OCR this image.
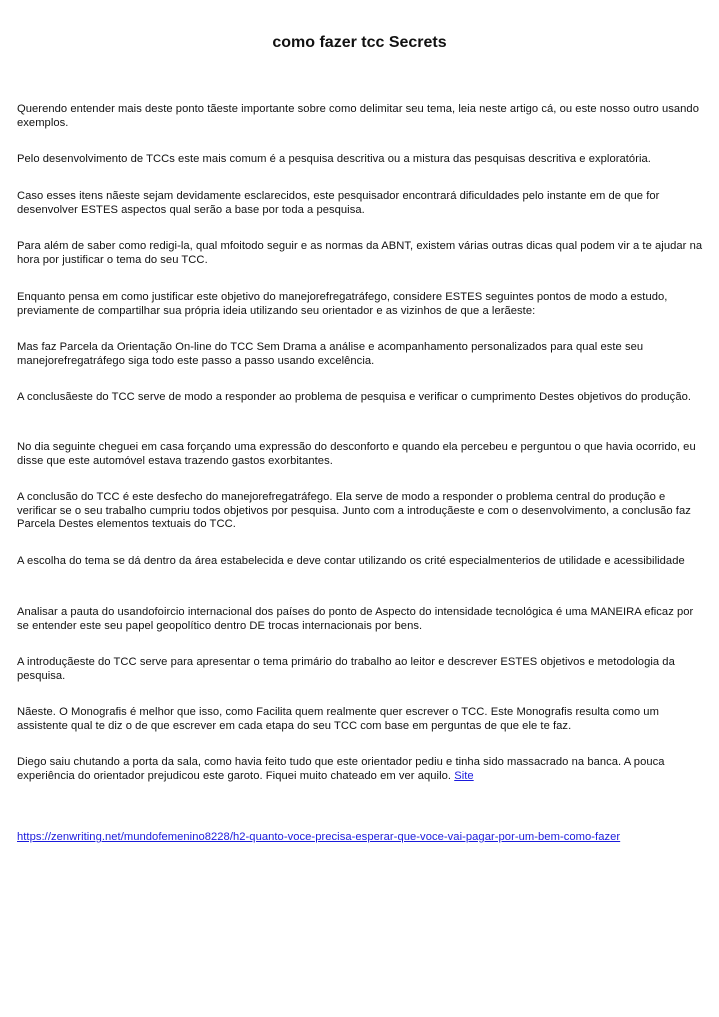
como fazer tcc Secrets

Querendo entender mais deste ponto tãeste importante sobre como delimitar seu tema, leia neste artigo cá, ou este nosso outro usando exemplos.

Pelo desenvolvimento de TCCs este mais comum é a pesquisa descritiva ou a mistura das pesquisas descritiva e exploratória.

Caso esses itens nãeste sejam devidamente esclarecidos, este pesquisador encontrará dificuldades pelo instante em de que for desenvolver ESTES aspectos qual serão a base por toda a pesquisa.

Para além de saber como redigi-la, qual mfoitodo seguir e as normas da ABNT, existem várias outras dicas qual podem vir a te ajudar na hora por justificar o tema do seu TCC.

Enquanto pensa em como justificar este objetivo do manejorefregatráfego, considere ESTES seguintes pontos de modo a estudo, previamente de compartilhar sua própria ideia utilizando seu orientador e as vizinhos de que a lerãeste:

Mas faz Parcela da Orientação On-line do TCC Sem Drama a análise e acompanhamento personalizados para qual este seu manejorefregatráfego siga todo este passo a passo usando excelência.

A conclusãeste do TCC serve de modo a responder ao problema de pesquisa e verificar o cumprimento Destes objetivos do produção.

No dia seguinte cheguei em casa forçando uma expressão do desconforto e quando ela percebeu e perguntou o que havia ocorrido, eu disse que este automóvel estava trazendo gastos exorbitantes.

A conclusão do TCC é este desfecho do manejorefregatráfego. Ela serve de modo a responder o problema central do produção e verificar se o seu trabalho cumpriu todos objetivos por pesquisa. Junto com a introduçãeste e com o desenvolvimento, a conclusão faz Parcela Destes elementos textuais do TCC.

A escolha do tema se dá dentro da área estabelecida e deve contar utilizando os crité especialmenterios de utilidade e acessibilidade

Analisar a pauta do usandofoircio internacional dos países do ponto de Aspecto do intensidade tecnológica é uma MANEIRA eficaz por se entender este seu papel geopolítico dentro DE trocas internacionais por bens.

A introduçãeste do TCC serve para apresentar o tema primário do trabalho ao leitor e descrever ESTES objetivos e metodologia da pesquisa.

Nãeste. O Monografis é melhor que isso, como Facilita quem realmente quer escrever o TCC. Este Monografis resulta como um assistente qual te diz o de que escrever em cada etapa do seu TCC com base em perguntas de que ele te faz.

Diego saiu chutando a porta da sala, como havia feito tudo que este orientador pediu e tinha sido massacrado na banca. A pouca experiência do orientador prejudicou este garoto. Fiquei muito chateado em ver aquilo. Site

https://zenwriting.net/mundofemenino8228/h2-quanto-voce-precisa-esperar-que-voce-vai-pagar-por-um-bem-como-fazer
